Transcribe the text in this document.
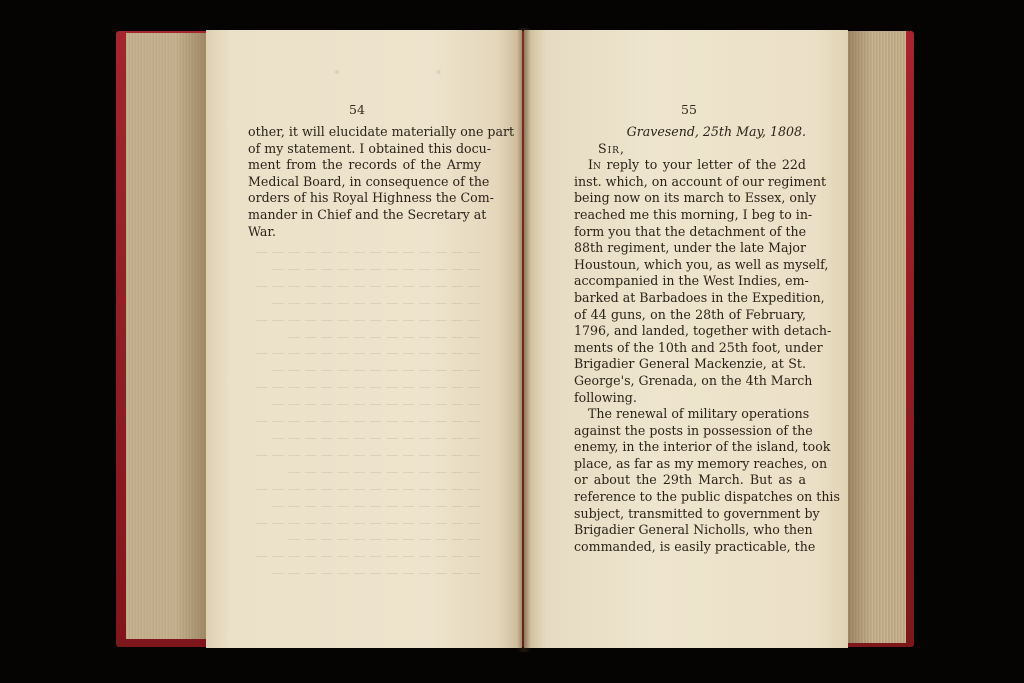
54
other, it will elucidate materially one part
of my statement. I obtained this docu-
ment from the records of the Army
Medical Board, in consequence of the
orders of his Royal Highness the Com-
mander in Chief and the Secretary at
War.
— — — — — — — — — — — — — —
— — — — — — — — — — — — —
— — — — — — — — — — — — — —
— — — — — — — — — — — — —
— — — — — — — — — — — — — —
— — — — — — — — — — — —
— — — — — — — — — — — — — —
— — — — — — — — — — — — —
— — — — — — — — — — — — — —
— — — — — — — — — — — — —
— — — — — — — — — — — — — —
— — — — — — — — — — — — —
— — — — — — — — — — — — — —
— — — — — — — — — — — —
— — — — — — — — — — — — — —
— — — — — — — — — — — — —
— — — — — — — — — — — — — —
— — — — — — — — — — — —
— — — — — — — — — — — — — —
— — — — — — — — — — — — —
55
Gravesend, 25th May, 1808.
Sir,
In reply to your letter of the 22d
inst. which, on account of our regiment
being now on its march to Essex, only
reached me this morning, I beg to in-
form you that the detachment of the
88th regiment, under the late Major
Houstoun, which you, as well as myself,
accompanied in the West Indies, em-
barked at Barbadoes in the Expedition,
of 44 guns, on the 28th of February,
1796, and landed, together with detach-
ments of the 10th and 25th foot, under
Brigadier General Mackenzie, at St.
George's, Grenada, on the 4th March
following.
The renewal of military operations
against the posts in possession of the
enemy, in the interior of the island, took
place, as far as my memory reaches, on
or about the 29th March. But as a
reference to the public dispatches on this
subject, transmitted to government by
Brigadier General Nicholls, who then
commanded, is easily practicable, the
